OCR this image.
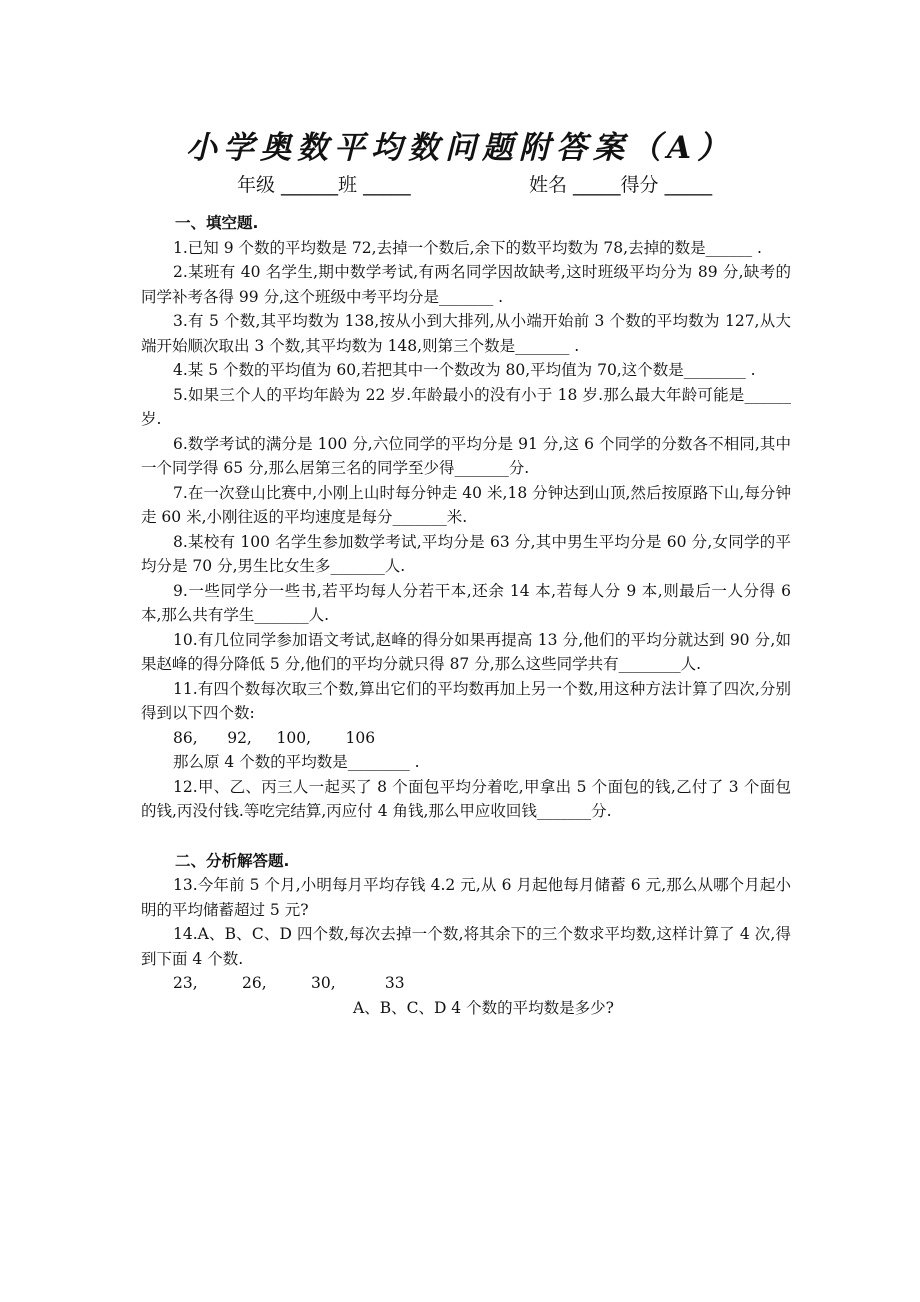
小学奥数平均数问题附答案（A）
年级 ______班 _____	姓名 _____得分 _____

一、填空题.

1.已知 9 个数的平均数是 72,去掉一个数后,余下的数平均数为 78,去掉的数是______ .

2.某班有 40 名学生,期中数学考试,有两名同学因故缺考,这时班级平均分为 89 分,缺考的同学补考各得 99 分,这个班级中考平均分是_______ .

3.有 5 个数,其平均数为 138,按从小到大排列,从小端开始前 3 个数的平均数为 127,从大端开始顺次取出 3 个数,其平均数为 148,则第三个数是_______ .

4.某 5 个数的平均值为 60,若把其中一个数改为 80,平均值为 70,这个数是________ .

5.如果三个人的平均年龄为 22 岁.年龄最小的没有小于 18 岁.那么最大年龄可能是______岁.

6.数学考试的满分是 100 分,六位同学的平均分是 91 分,这 6 个同学的分数各不相同,其中一个同学得 65 分,那么居第三名的同学至少得_______分.

7.在一次登山比赛中,小刚上山时每分钟走 40 米,18 分钟达到山顶,然后按原路下山,每分钟走 60 米,小刚往返的平均速度是每分_______米.

8.某校有 100 名学生参加数学考试,平均分是 63 分,其中男生平均分是 60 分,女同学的平均分是 70 分,男生比女生多_______人.

9.一些同学分一些书,若平均每人分若干本,还余 14 本,若每人分 9 本,则最后一人分得 6 本,那么共有学生_______人.

10.有几位同学参加语文考试,赵峰的得分如果再提高 13 分,他们的平均分就达到 90 分,如果赵峰的得分降低 5 分,他们的平均分就只得 87 分,那么这些同学共有________人.

11.有四个数每次取三个数,算出它们的平均数再加上另一个数,用这种方法计算了四次,分别得到以下四个数:

86,      92,     100,       106

那么原 4 个数的平均数是________ .

12.甲、乙、丙三人一起买了 8 个面包平均分着吃,甲拿出 5 个面包的钱,乙付了 3 个面包的钱,丙没付钱.等吃完结算,丙应付 4 角钱,那么甲应收回钱_______分.

二、分析解答题.

13.今年前 5 个月,小明每月平均存钱 4.2 元,从 6 月起他每月储蓄 6 元,那么从哪个月起小明的平均储蓄超过 5 元?

14.A、B、C、D 四个数,每次去掉一个数,将其余下的三个数求平均数,这样计算了 4 次,得到下面 4 个数.

23,         26,         30,          33

A、B、C、D 4 个数的平均数是多少?
